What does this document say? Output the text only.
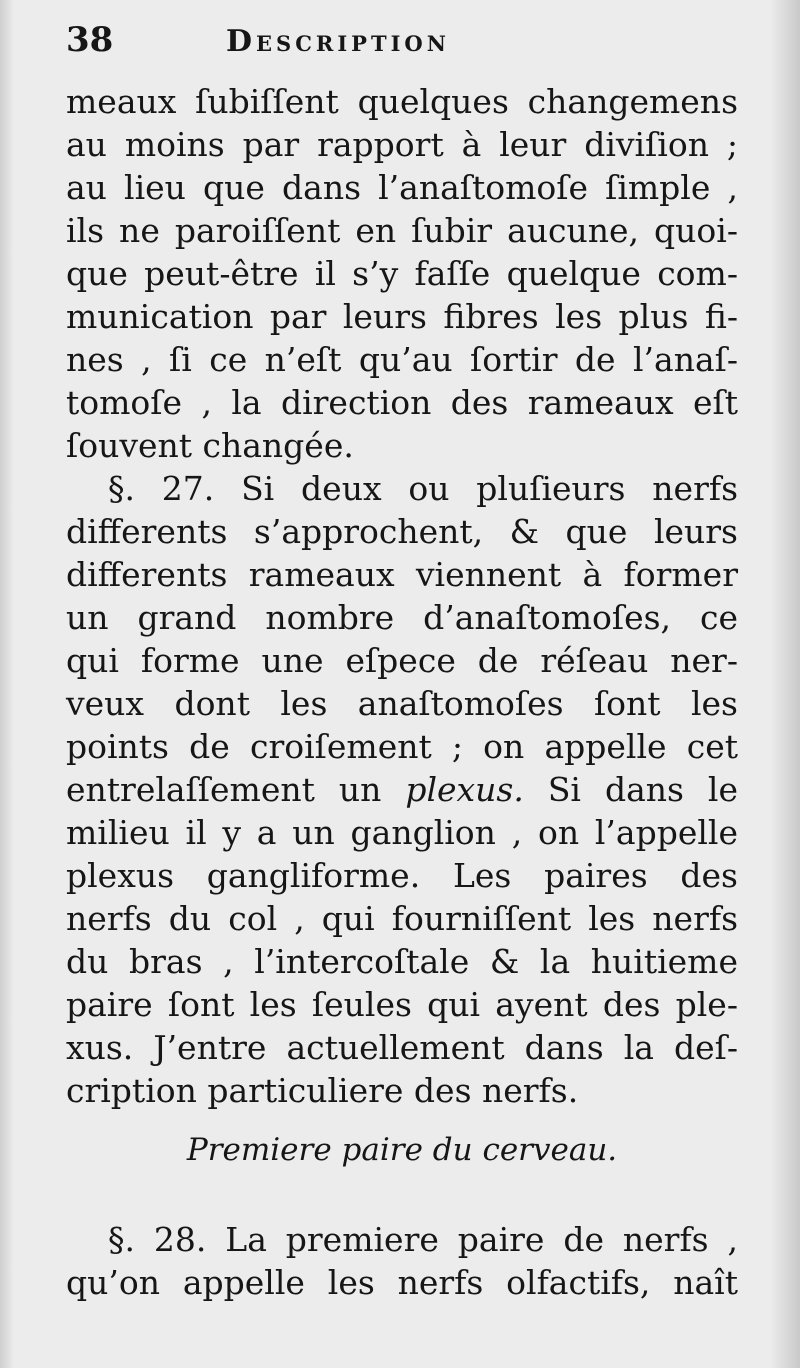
38	Description
meaux ſubiſſent quelques changemens
au moins par rapport à leur diviſion ;
au lieu que dans l’anaſtomoſe ſimple ,
ils ne paroiſſent en ſubir aucune, quoi-
que peut-être il s’y faſſe quelque com-
munication par leurs fibres les plus fi-
nes , ſi ce n’eſt qu’au ſortir de l’anaſ-
tomoſe , la direction des rameaux eſt
ſouvent changée.
§. 27. Si deux ou pluſieurs nerfs
differents s’approchent, & que leurs
differents rameaux viennent à former
un grand nombre d’anaſtomoſes, ce
qui forme une eſpece de réſeau ner-
veux dont les anaſtomoſes ſont les
points de croiſement ; on appelle cet
entrelaſſement un plexus. Si dans le
milieu il y a un ganglion , on l’appelle
plexus gangliforme. Les paires des
nerfs du col , qui fourniſſent les nerfs
du bras , l’intercoſtale & la huitieme
paire ſont les ſeules qui ayent des ple-
xus. J’entre actuellement dans la deſ-
cription particuliere des nerfs.
Premiere paire du cerveau.
§. 28. La premiere paire de nerfs ,
qu’on appelle les nerfs olfactifs, naît
